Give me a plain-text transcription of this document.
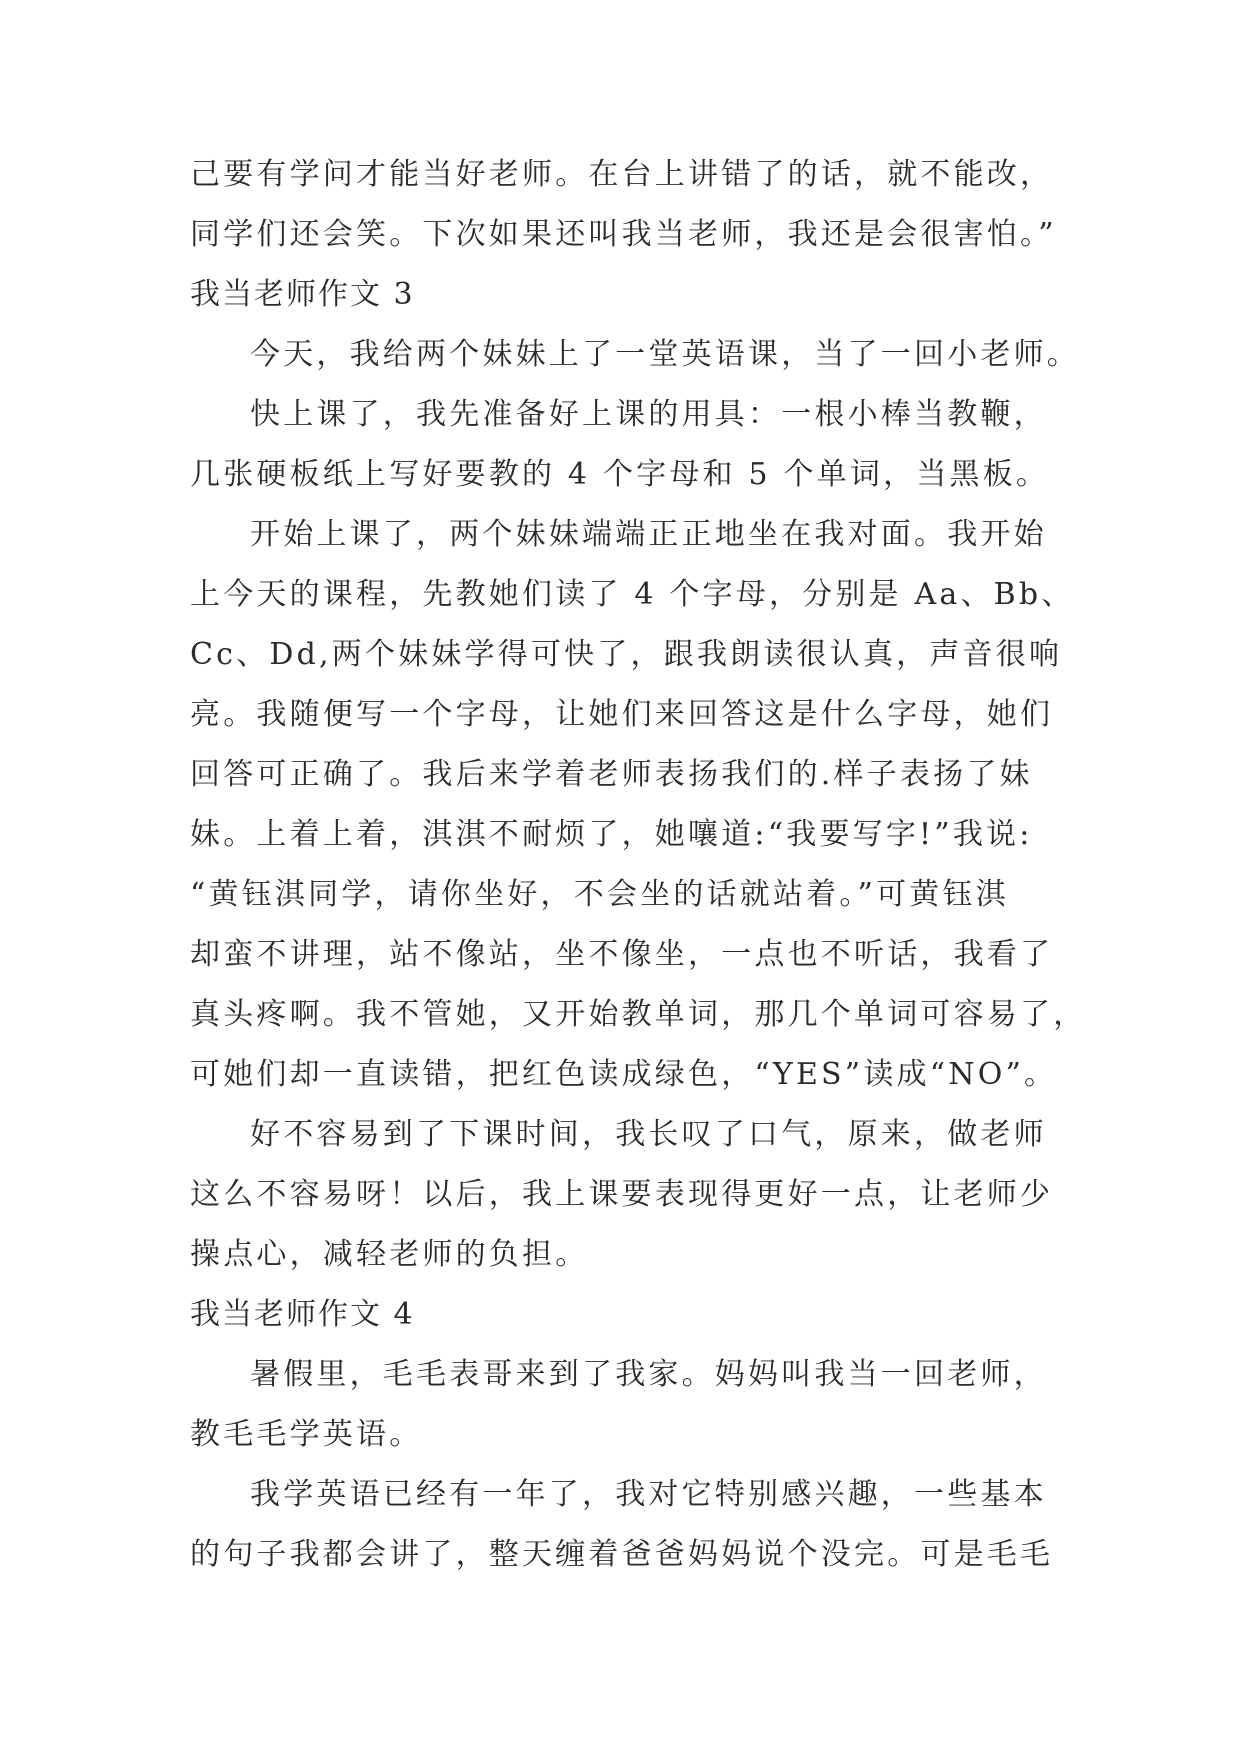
己要有学问才能当好老师。在台上讲错了的话，就不能改，
同学们还会笑。下次如果还叫我当老师，我还是会很害怕。”
我当老师作文 3
今天，我给两个妹妹上了一堂英语课，当了一回小老师。
快上课了，我先准备好上课的用具：一根小棒当教鞭，
几张硬板纸上写好要教的 4 个字母和 5 个单词，当黑板。
开始上课了，两个妹妹端端正正地坐在我对面。我开始
上今天的课程，先教她们读了 4 个字母，分别是 Aa、Bb、
Cc、Dd,两个妹妹学得可快了，跟我朗读很认真，声音很响
亮。我随便写一个字母，让她们来回答这是什么字母，她们
回答可正确了。我后来学着老师表扬我们的.样子表扬了妹
妹。上着上着，淇淇不耐烦了，她嚷道:“我要写字!”我说:
“黄钰淇同学，请你坐好，不会坐的话就站着。”可黄钰淇
却蛮不讲理，站不像站，坐不像坐，一点也不听话，我看了
真头疼啊。我不管她，又开始教单词，那几个单词可容易了，
可她们却一直读错，把红色读成绿色，“YES”读成“NO”。
好不容易到了下课时间，我长叹了口气，原来，做老师
这么不容易呀！以后，我上课要表现得更好一点，让老师少
操点心，减轻老师的负担。
我当老师作文 4
暑假里，毛毛表哥来到了我家。妈妈叫我当一回老师，
教毛毛学英语。
我学英语已经有一年了，我对它特别感兴趣，一些基本
的句子我都会讲了，整天缠着爸爸妈妈说个没完。可是毛毛
